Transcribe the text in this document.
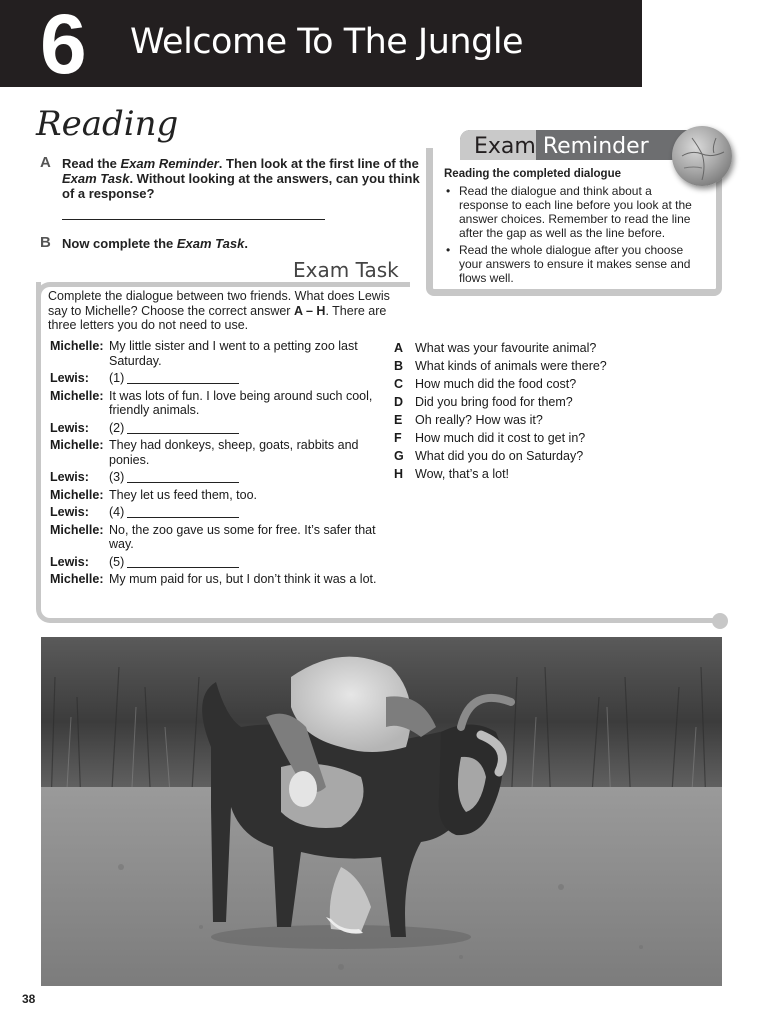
6 Welcome To The Jungle
Reading
A Read the Exam Reminder. Then look at the first line of the Exam Task. Without looking at the answers, can you think of a response?
B Now complete the Exam Task.
Exam Reminder
Reading the completed dialogue
• Read the dialogue and think about a response to each line before you look at the answer choices. Remember to read the line after the gap as well as the line before.
• Read the whole dialogue after you choose your answers to ensure it makes sense and flows well.
Exam Task
Complete the dialogue between two friends. What does Lewis say to Michelle? Choose the correct answer A – H. There are three letters you do not need to use.
Michelle: My little sister and I went to a petting zoo last Saturday.
Lewis:	(1)
Michelle: It was lots of fun. I love being around such cool, friendly animals.
Lewis:	(2)
Michelle: They had donkeys, sheep, goats, rabbits and ponies.
Lewis:	(3)
Michelle: They let us feed them, too.
Lewis:	(4)
Michelle: No, the zoo gave us some for free. It’s safer that way.
Lewis:	(5)
Michelle: My mum paid for us, but I don’t think it was a lot.
A What was your favourite animal?
B What kinds of animals were there?
C How much did the food cost?
D Did you bring food for them?
E	Oh really? How was it?
F	How much did it cost to get in?
G What did you do on Saturday?
H Wow, that’s a lot!
38
